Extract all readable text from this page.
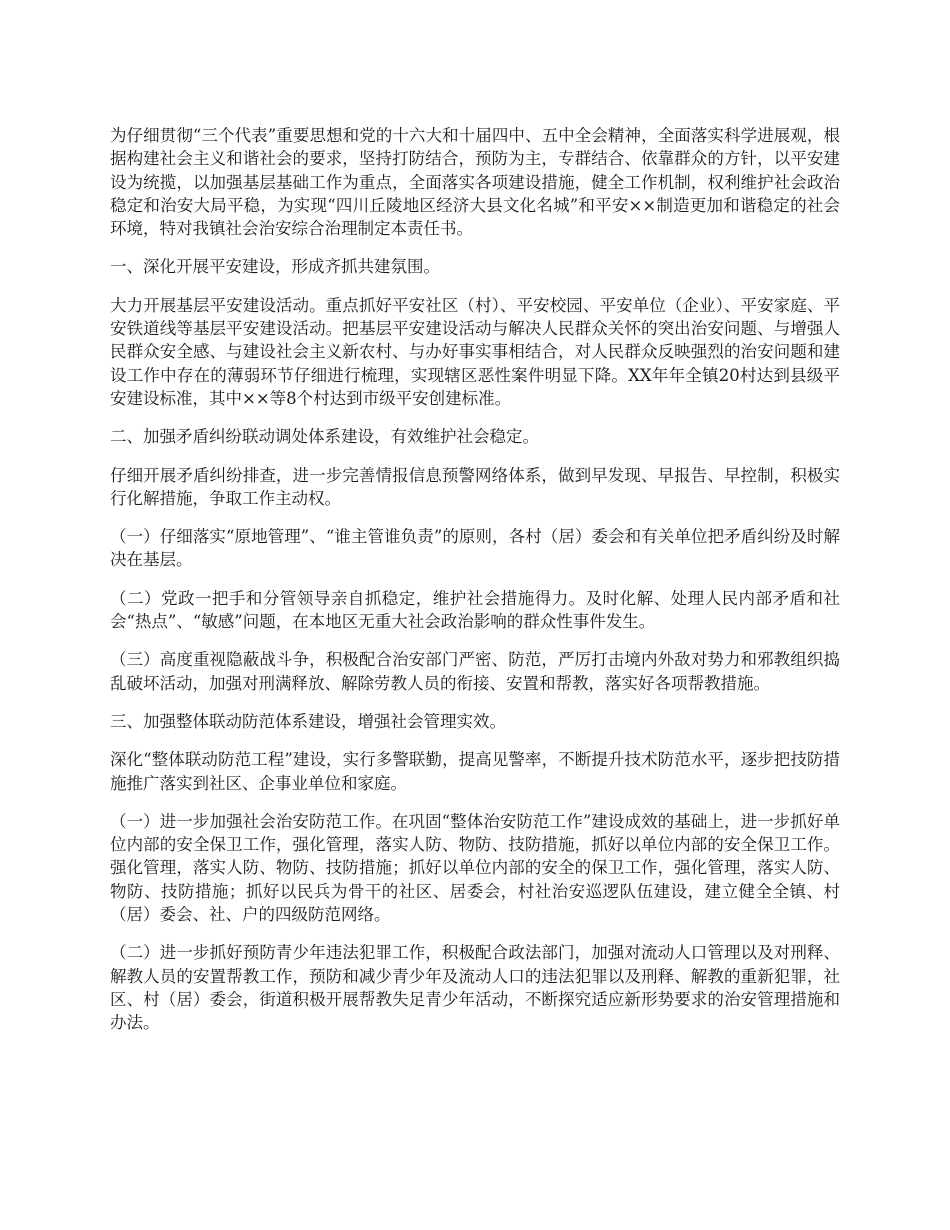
为仔细贯彻“三个代表”重要思想和党的十六大和十届四中、五中全会精神，全面落实科学进展观，根据构建社会主义和谐社会的要求，坚持打防结合，预防为主，专群结合、依靠群众的方针，以平安建设为统揽，以加强基层基础工作为重点，全面落实各项建设措施，健全工作机制，权利维护社会政治稳定和治安大局平稳，为实现“四川丘陵地区经济大县文化名城”和平安××制造更加和谐稳定的社会环境，特对我镇社会治安综合治理制定本责任书。

一、深化开展平安建设，形成齐抓共建氛围。

大力开展基层平安建设活动。重点抓好平安社区（村）、平安校园、平安单位（企业）、平安家庭、平安铁道线等基层平安建设活动。把基层平安建设活动与解决人民群众关怀的突出治安问题、与增强人民群众安全感、与建设社会主义新农村、与办好事实事相结合，对人民群众反映强烈的治安问题和建设工作中存在的薄弱环节仔细进行梳理，实现辖区恶性案件明显下降。XX年年全镇20村达到县级平安建设标准，其中××等8个村达到市级平安创建标准。

二、加强矛盾纠纷联动调处体系建设，有效维护社会稳定。

仔细开展矛盾纠纷排查，进一步完善情报信息预警网络体系，做到早发现、早报告、早控制，积极实行化解措施，争取工作主动权。

（一）仔细落实“原地管理”、“谁主管谁负责”的原则，各村（居）委会和有关单位把矛盾纠纷及时解决在基层。

（二）党政一把手和分管领导亲自抓稳定，维护社会措施得力。及时化解、处理人民内部矛盾和社会“热点”、“敏感”问题，在本地区无重大社会政治影响的群众性事件发生。

（三）高度重视隐蔽战斗争，积极配合治安部门严密、防范，严厉打击境内外敌对势力和邪教组织捣乱破坏活动，加强对刑满释放、解除劳教人员的衔接、安置和帮教，落实好各项帮教措施。

三、加强整体联动防范体系建设，增强社会管理实效。

深化“整体联动防范工程”建设，实行多警联勤，提高见警率，不断提升技术防范水平，逐步把技防措施推广落实到社区、企事业单位和家庭。

（一）进一步加强社会治安防范工作。在巩固“整体治安防范工作”建设成效的基础上，进一步抓好单位内部的安全保卫工作，强化管理，落实人防、物防、技防措施，抓好以单位内部的安全保卫工作。强化管理，落实人防、物防、技防措施；抓好以单位内部的安全的保卫工作，强化管理，落实人防、物防、技防措施；抓好以民兵为骨干的社区、居委会，村社治安巡逻队伍建设，建立健全全镇、村（居）委会、社、户的四级防范网络。

（二）进一步抓好预防青少年违法犯罪工作，积极配合政法部门，加强对流动人口管理以及对刑释、解教人员的安置帮教工作，预防和减少青少年及流动人口的违法犯罪以及刑释、解教的重新犯罪，社区、村（居）委会，街道积极开展帮教失足青少年活动，不断探究适应新形势要求的治安管理措施和办法。
